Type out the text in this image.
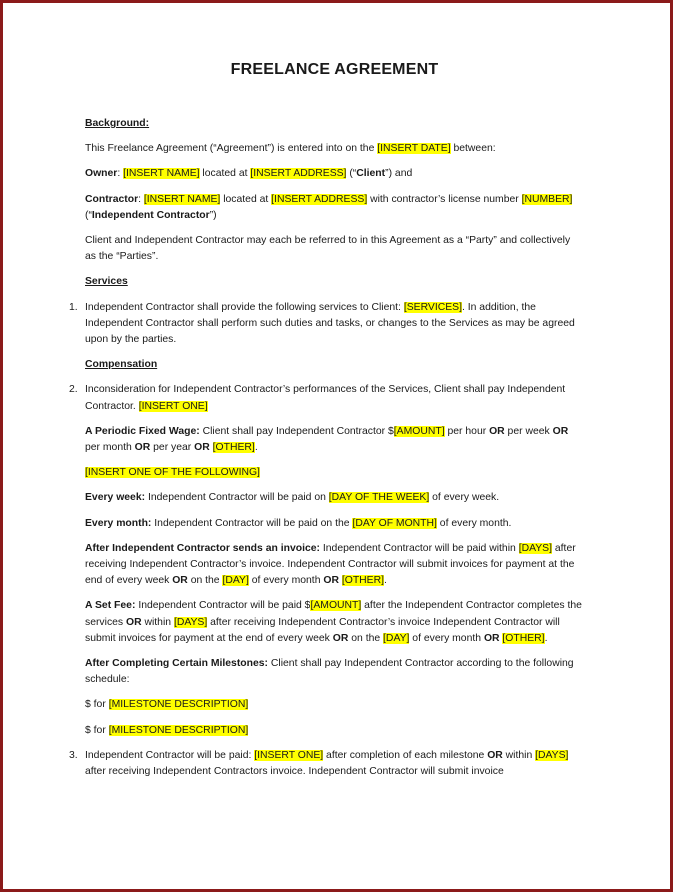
FREELANCE AGREEMENT

Background:

This Freelance Agreement (“Agreement”) is entered into on the [INSERT DATE] between:

Owner: [INSERT NAME] located at [INSERT ADDRESS] (“Client”) and

Contractor: [INSERT NAME] located at [INSERT ADDRESS] with contractor’s license number [NUMBER] (“Independent Contractor”)

Client and Independent Contractor may each be referred to in this Agreement as a “Party” and collectively as the “Parties”.

Services

1. Independent Contractor shall provide the following services to Client: [SERVICES]. In addition, the Independent Contractor shall perform such duties and tasks, or changes to the Services as may be agreed upon by the parties.

Compensation

2. Inconsideration for Independent Contractor’s performances of the Services, Client shall pay Independent Contractor. [INSERT ONE]

A Periodic Fixed Wage: Client shall pay Independent Contractor $[AMOUNT] per hour OR per week OR per month OR per year OR [OTHER].

[INSERT ONE OF THE FOLLOWING]

Every week: Independent Contractor will be paid on [DAY OF THE WEEK] of every week.

Every month: Independent Contractor will be paid on the [DAY OF MONTH] of every month.

After Independent Contractor sends an invoice: Independent Contractor will be paid within [DAYS] after receiving Independent Contractor’s invoice. Independent Contractor will submit invoices for payment at the end of every week OR on the [DAY] of every month OR [OTHER].

A Set Fee: Independent Contractor will be paid $[AMOUNT] after the Independent Contractor completes the services OR within [DAYS] after receiving Independent Contractor’s invoice Independent Contractor will submit invoices for payment at the end of every week OR on the [DAY] of every month OR [OTHER].

After Completing Certain Milestones: Client shall pay Independent Contractor according to the following schedule:

$ for [MILESTONE DESCRIPTION]

$ for [MILESTONE DESCRIPTION]

3. Independent Contractor will be paid: [INSERT ONE] after completion of each milestone OR within [DAYS] after receiving Independent Contractors invoice. Independent Contractor will submit invoice
